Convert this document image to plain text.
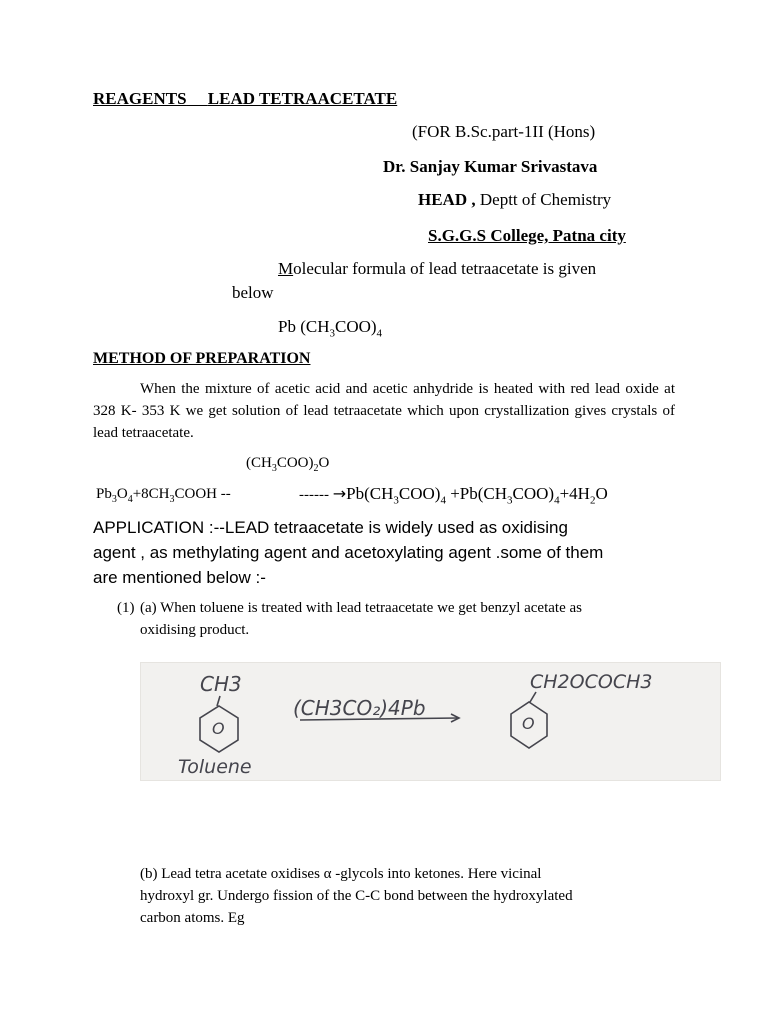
REAGENTS LEAD TETRAACETATE
(FOR B.Sc.part-1II (Hons)
Dr. Sanjay Kumar Srivastava
HEAD , Deptt of Chemistry
S.G.G.S College, Patna city
Molecular formula of lead tetraacetate is given
below
Pb $(CH_3COO)_4$
METHOD OF PREPARATION
When the mixture of acetic acid and acetic anhydride is heated with red lead oxide at 328 K- 353 K we get solution of lead tetraacetate which upon crystallization gives crystals of lead tetraacetate.
$(CH_3COO)_2O$
$Pb_3O_4+8CH_3COOH$ --	------ $\to Pb(CH_3COO)_4 +Pb(CH_3COO)_4+4H_2O$
APPLICATION :--LEAD tetraacetate is widely used as oxidising
agent , as methylating agent and acetoxylating agent .some of them
are mentioned below :-
(1) (a) When toluene is treated with lead tetraacetate we get benzyl acetate as
oxidising product.
CH3
O
Toluene
(CH3CO₂)4Pb
CH2OCOCH3
O
(b) Lead tetra acetate oxidises α -glycols into ketones. Here vicinal
hydroxyl gr. Undergo fission of the C-C bond between the hydroxylated
carbon atoms. Eg
